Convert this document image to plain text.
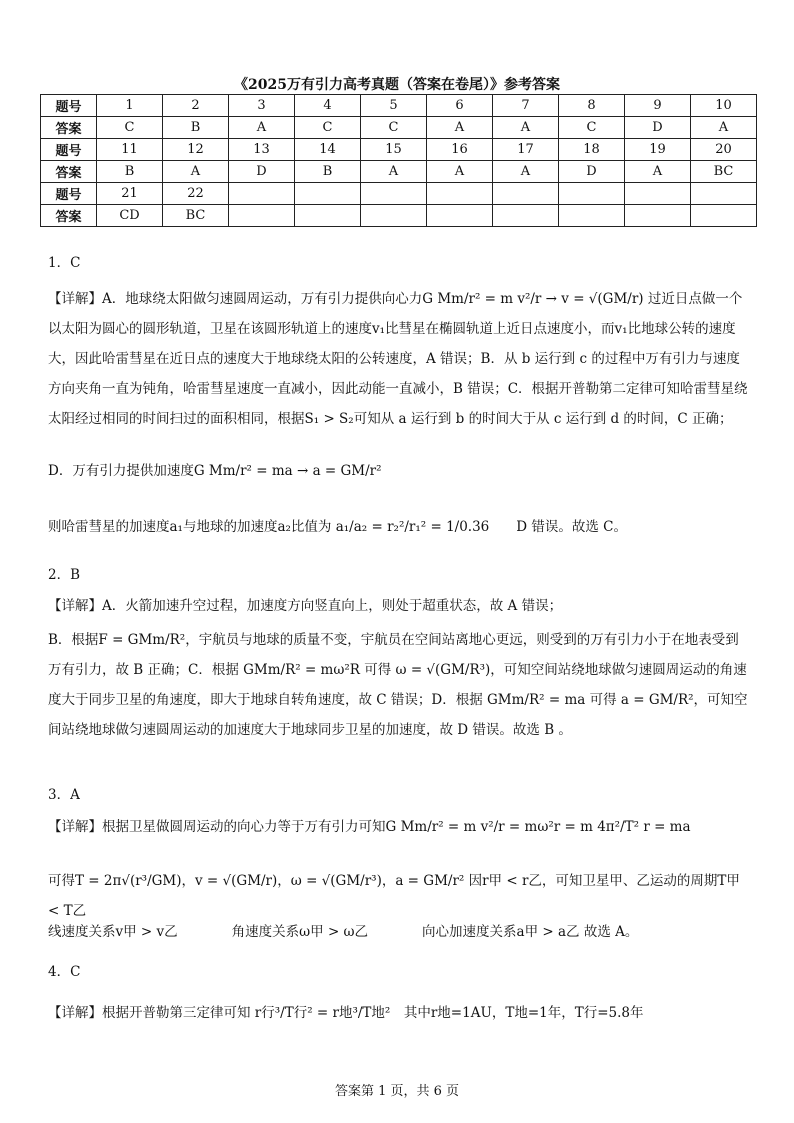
《2025万有引力高考真题（答案在卷尾）》参考答案
题号	1	2	3	4	5	6	7	8	9	10
答案	C	B	A	C	C	A	A	C	D	A
题号	11	12	13	14	15	16	17	18	19	20
答案	B	A	D	B	A	A	A	D	A	BC
题号	21	22								
答案	CD	BC								
1．C
【详解】A．地球绕太阳做匀速圆周运动，万有引力提供向心力G Mm/r² = m v²/r → v = √(GM/r) 过近日点做一个以太阳为圆心的圆形轨道，卫星在该圆形轨道上的速度v₁比彗星在椭圆轨道上近日点速度小，而v₁比地球公转的速度大，因此哈雷彗星在近日点的速度大于地球绕太阳的公转速度，A 错误；B．从 b 运行到 c 的过程中万有引力与速度方向夹角一直为钝角，哈雷彗星速度一直减小，因此动能一直减小，B 错误；C．根据开普勒第二定律可知哈雷彗星绕太阳经过相同的时间扫过的面积相同，根据S₁ > S₂可知从 a 运行到 b 的时间大于从 c 运行到 d 的时间，C 正确；
D．万有引力提供加速度G Mm/r² = ma → a = GM/r²
则哈雷彗星的加速度a₁与地球的加速度a₂比值为 a₁/a₂ = r₂²/r₁² = 1/0.36　　D 错误。故选 C。
2．B
【详解】A．火箭加速升空过程，加速度方向竖直向上，则处于超重状态，故 A 错误；
B．根据F = GMm/R²，宇航员与地球的质量不变，宇航员在空间站离地心更远，则受到的万有引力小于在地表受到万有引力，故 B 正确；C．根据 GMm/R² = mω²R 可得 ω = √(GM/R³)，可知空间站绕地球做匀速圆周运动的角速度大于同步卫星的角速度，即大于地球自转角速度，故 C 错误；D．根据 GMm/R² = ma 可得 a = GM/R²，可知空间站绕地球做匀速圆周运动的加速度大于地球同步卫星的加速度，故 D 错误。故选 B 。
3．A
【详解】根据卫星做圆周运动的向心力等于万有引力可知G Mm/r² = m v²/r = mω²r = m 4π²/T² r = ma
可得T = 2π√(r³/GM)，v = √(GM/r)，ω = √(GM/r³)，a = GM/r² 因r甲 < r乙，可知卫星甲、乙运动的周期T甲 < T乙
线速度关系v甲 > v乙　　　　角速度关系ω甲 > ω乙　　　　向心加速度关系a甲 > a乙 故选 A。
4．C
【详解】根据开普勒第三定律可知 r行³/T行² = r地³/T地²　其中r地=1AU，T地=1年，T行=5.8年
答案第 1 页，共 6 页
